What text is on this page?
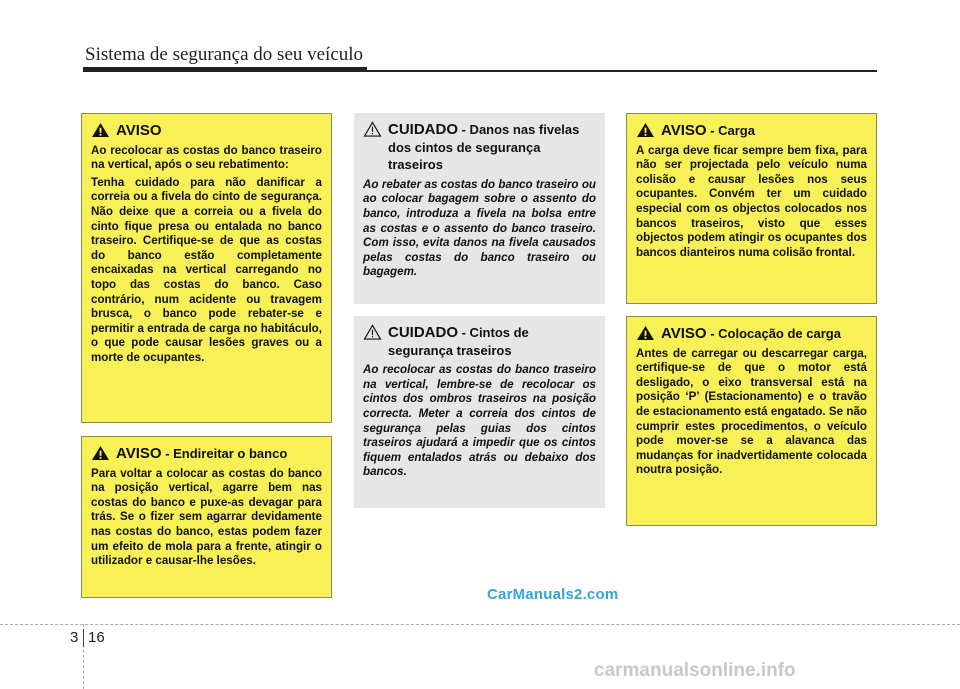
Sistema de segurança do seu veículo
AVISO

Ao recolocar as costas do banco traseiro na vertical, após o seu rebatimento:

Tenha cuidado para não danificar a correia ou a fivela do cinto de segurança. Não deixe que a correia ou a fivela do cinto fique presa ou entalada no banco traseiro. Certifique-se de que as costas do banco estão completamente encaixadas na vertical carregando no topo das costas do banco. Caso contrário, num acidente ou travagem brusca, o banco pode rebater-se e permitir a entrada de carga no habitáculo, o que pode causar lesões graves ou a morte de ocupantes.

AVISO - Endireitar o banco

Para voltar a colocar as costas do banco na posição vertical, agarre bem nas costas do banco e puxe-as devagar para trás. Se o fizer sem agarrar devidamente nas costas do banco, estas podem fazer um efeito de mola para a frente, atingir o utilizador e causar-lhe lesões.

CUIDADO - Danos nas fivelas dos cintos de segurança traseiros

Ao rebater as costas do banco traseiro ou ao colocar bagagem sobre o assento do banco, introduza a fivela na bolsa entre as costas e o assento do banco traseiro. Com isso, evita danos na fivela causados pelas costas do banco traseiro ou bagagem.

CUIDADO - Cintos de segurança traseiros

Ao recolocar as costas do banco traseiro na vertical, lembre-se de recolocar os cintos dos ombros traseiros na posição correcta. Meter a correia dos cintos de segurança pelas guias dos cintos traseiros ajudará a impedir que os cintos fiquem entalados atrás ou debaixo dos bancos.

AVISO - Carga

A carga deve ficar sempre bem fixa, para não ser projectada pelo veículo numa colisão e causar lesões nos seus ocupantes. Convém ter um cuidado especial com os objectos colocados nos bancos traseiros, visto que esses objectos podem atingir os ocupantes dos bancos dianteiros numa colisão frontal.

AVISO - Colocação de carga

Antes de carregar ou descarregar carga, certifique-se de que o motor está desligado, o eixo transversal está na posição ‘P’ (Estacionamento) e o travão de estacionamento está engatado. Se não cumprir estes procedimentos, o veículo pode mover-se se a alavanca das mudanças for inadvertidamente colocada noutra posição.

CarManuals2.com
3 16
carmanualsonline.info
